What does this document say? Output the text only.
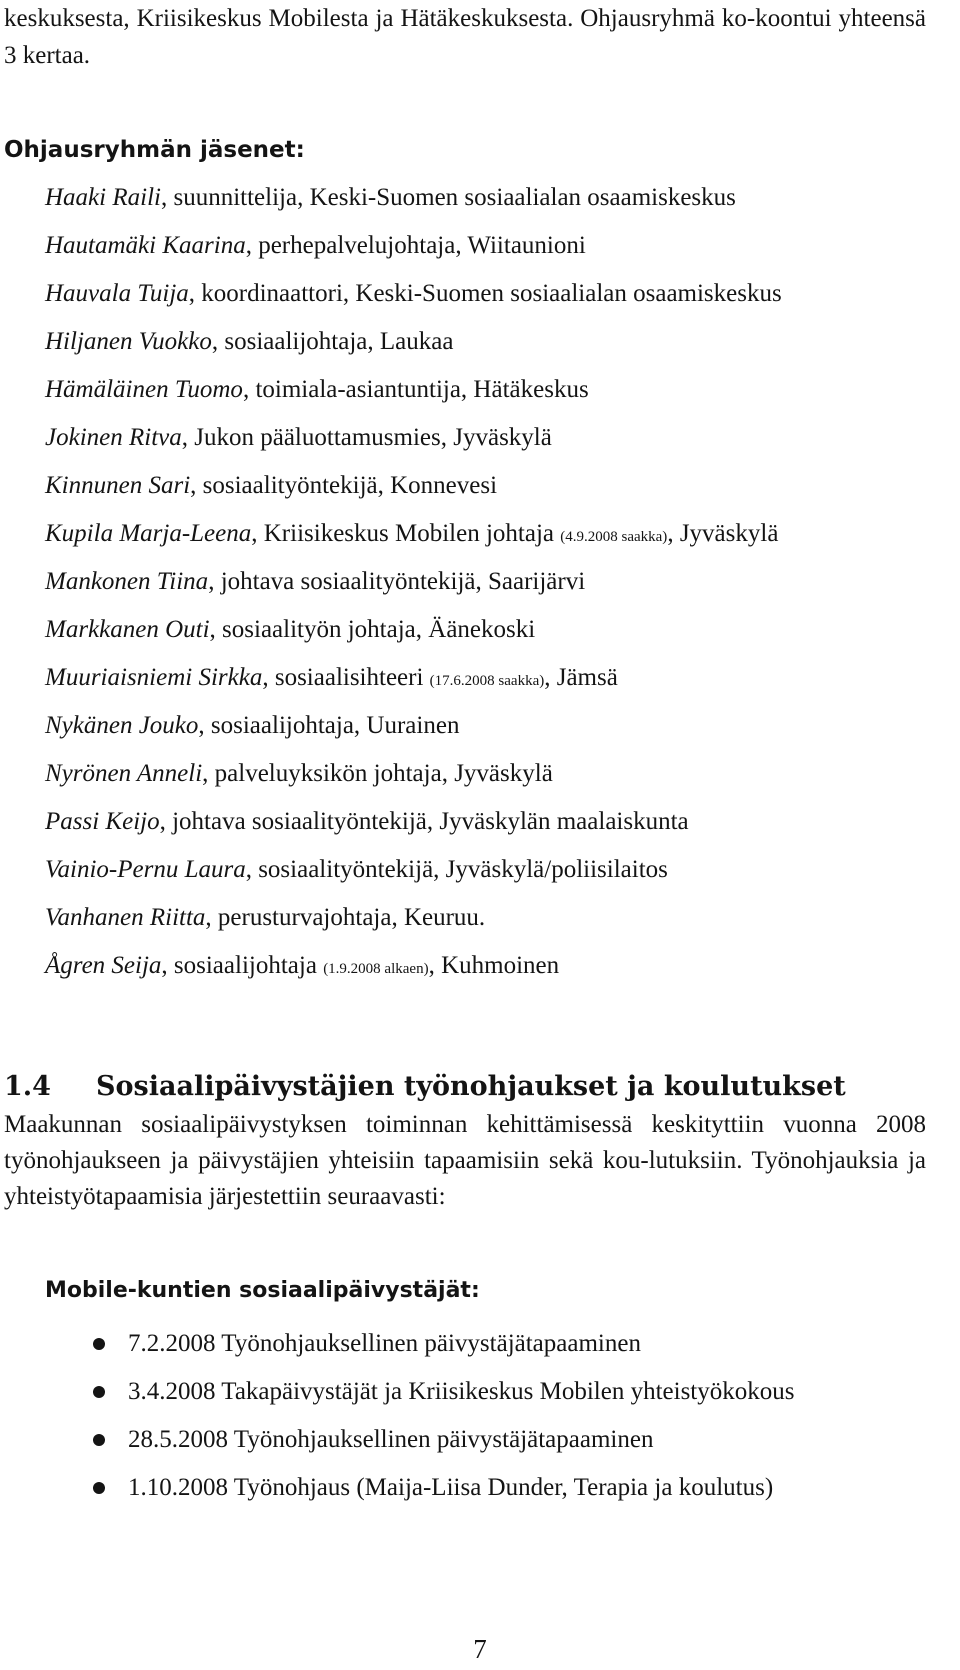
keskuksesta, Kriisikeskus Mobilesta ja Hätäkeskuksesta. Ohjausryhmä ko-koontui yhteensä 3 kertaa.

Ohjausryhmän jäsenet:
Haaki Raili, suunnittelija, Keski-Suomen sosiaalialan osaamiskeskus
Hautamäki Kaarina, perhepalvelujohtaja, Wiitaunioni
Hauvala Tuija, koordinaattori, Keski-Suomen sosiaalialan osaamiskeskus
Hiljanen Vuokko, sosiaalijohtaja, Laukaa
Hämäläinen Tuomo, toimiala-asiantuntija, Hätäkeskus
Jokinen Ritva, Jukon pääluottamusmies, Jyväskylä
Kinnunen Sari, sosiaalityöntekijä, Konnevesi
Kupila Marja-Leena, Kriisikeskus Mobilen johtaja (4.9.2008 saakka), Jyväskylä
Mankonen Tiina, johtava sosiaalityöntekijä, Saarijärvi
Markkanen Outi, sosiaalityön johtaja, Äänekoski
Muuriaisniemi Sirkka, sosiaalisihteeri (17.6.2008 saakka), Jämsä
Nykänen Jouko, sosiaalijohtaja, Uurainen
Nyrönen Anneli, palveluyksikön johtaja, Jyväskylä
Passi Keijo, johtava sosiaalityöntekijä, Jyväskylän maalaiskunta
Vainio-Pernu Laura, sosiaalityöntekijä, Jyväskylä/poliisilaitos
Vanhanen Riitta, perusturvajohtaja, Keuruu.
Ågren Seija, sosiaalijohtaja (1.9.2008 alkaen), Kuhmoinen
1.4 Sosiaalipäivystäjien työnohjaukset ja koulutukset

Maakunnan sosiaalipäivystyksen toiminnan kehittämisessä keskityttiin vuonna 2008 työnohjaukseen ja päivystäjien yhteisiin tapaamisiin sekä kou-lutuksiin. Työnohjauksia ja yhteistyötapaamisia järjestettiin seuraavasti:

Mobile-kuntien sosiaalipäivystäjät:
7.2.2008 Työnohjauksellinen päivystäjätapaaminen
3.4.2008 Takapäivystäjät ja Kriisikeskus Mobilen yhteistyökokous
28.5.2008 Työnohjauksellinen päivystäjätapaaminen
1.10.2008 Työnohjaus (Maija-Liisa Dunder, Terapia ja koulutus)
7
